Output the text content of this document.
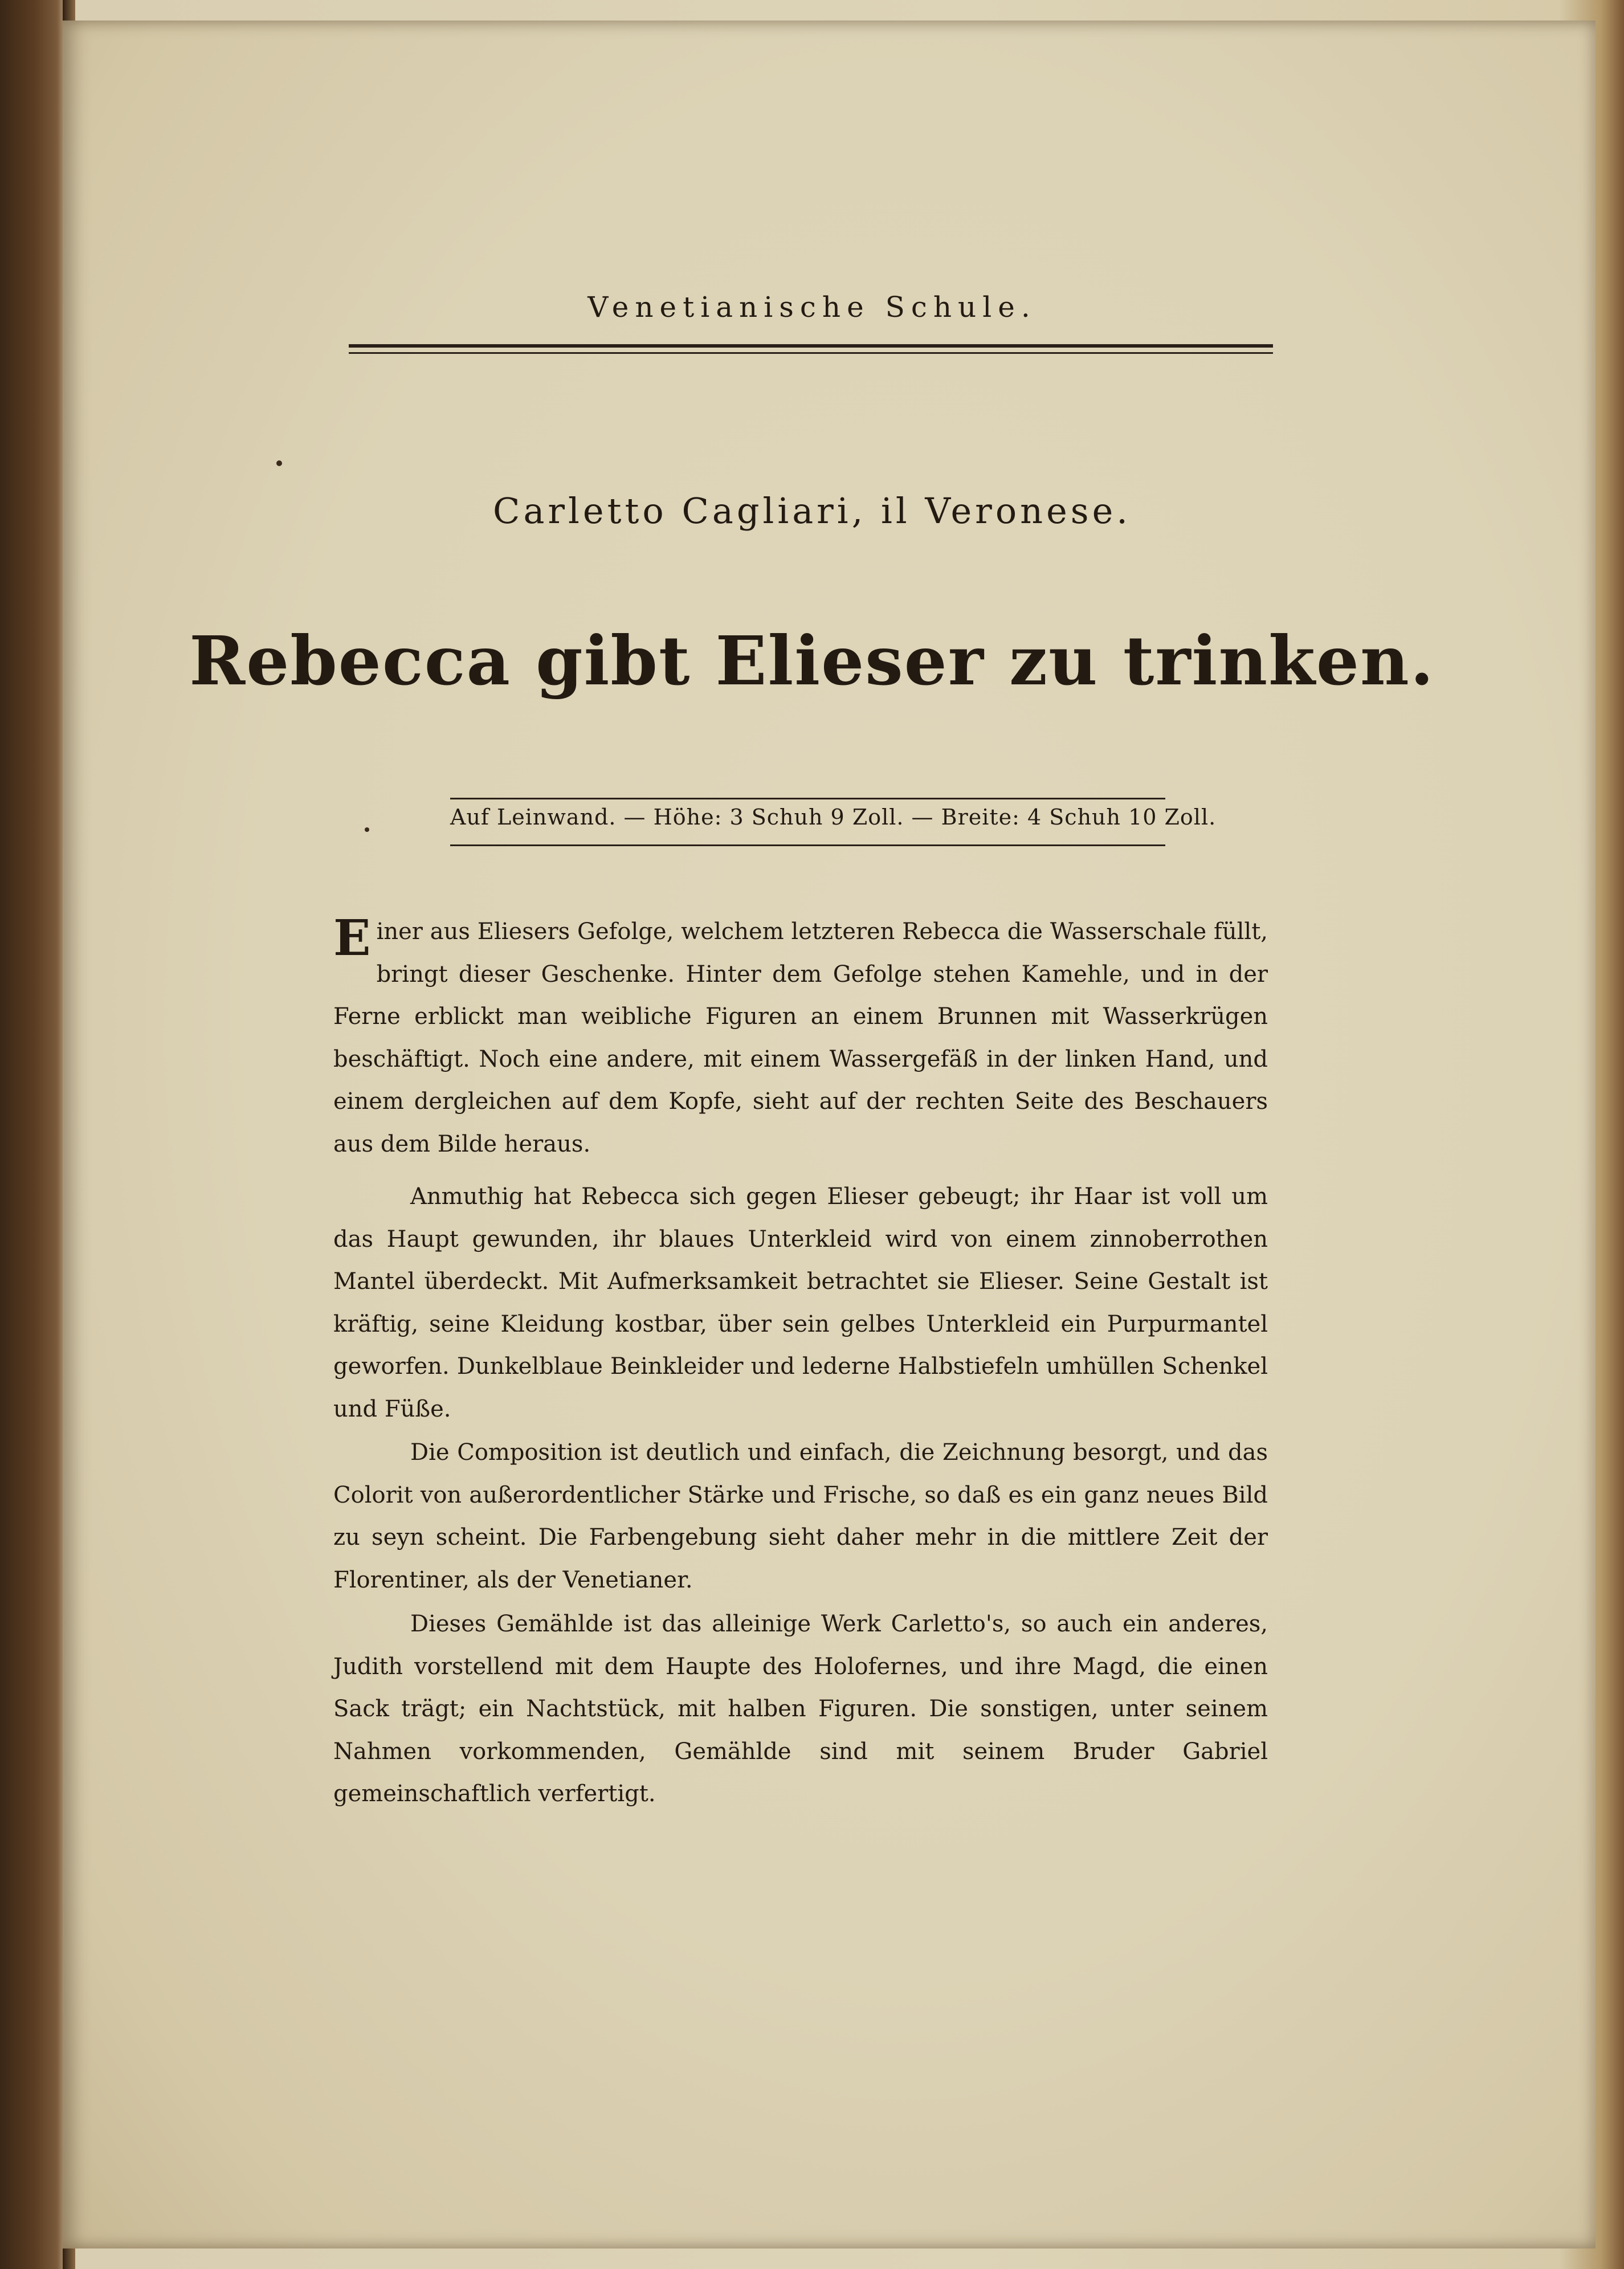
Venetianische Schule.
Carletto Cagliari, il Veronese.
Rebecca gibt Elieser zu trinken.
Auf Leinwand. — Höhe: 3 Schuh 9 Zoll. — Breite: 4 Schuh 10 Zoll.
Einer aus Eliesers Gefolge, welchem letzteren Rebecca die Wasserschale füllt, bringt dieser Geschenke. Hinter dem Gefolge stehen Kamehle, und in der Ferne erblickt man weibliche Figuren an einem Brunnen mit Wasserkrügen beschäftigt. Noch eine andere, mit einem Wassergefäß in der linken Hand, und einem dergleichen auf dem Kopfe, sieht auf der rechten Seite des Beschauers aus dem Bilde heraus.
Anmuthig hat Rebecca sich gegen Elieser gebeugt; ihr Haar ist voll um das Haupt gewunden, ihr blaues Unterkleid wird von einem zinnoberrothen Mantel überdeckt. Mit Aufmerksamkeit betrachtet sie Elieser. Seine Gestalt ist kräftig, seine Kleidung kostbar, über sein gelbes Unterkleid ein Purpurmantel geworfen. Dunkelblaue Beinkleider und lederne Halbstiefeln umhüllen Schenkel und Füße.
Die Composition ist deutlich und einfach, die Zeichnung besorgt, und das Colorit von außerordentlicher Stärke und Frische, so daß es ein ganz neues Bild zu seyn scheint. Die Farbengebung sieht daher mehr in die mittlere Zeit der Florentiner, als der Venetianer.
Dieses Gemählde ist das alleinige Werk Carletto's, so auch ein anderes, Judith vorstellend mit dem Haupte des Holofernes, und ihre Magd, die einen Sack trägt; ein Nachtstück, mit halben Figuren. Die sonstigen, unter seinem Nahmen vorkommenden, Gemählde sind mit seinem Bruder Gabriel gemeinschaftlich verfertigt.
